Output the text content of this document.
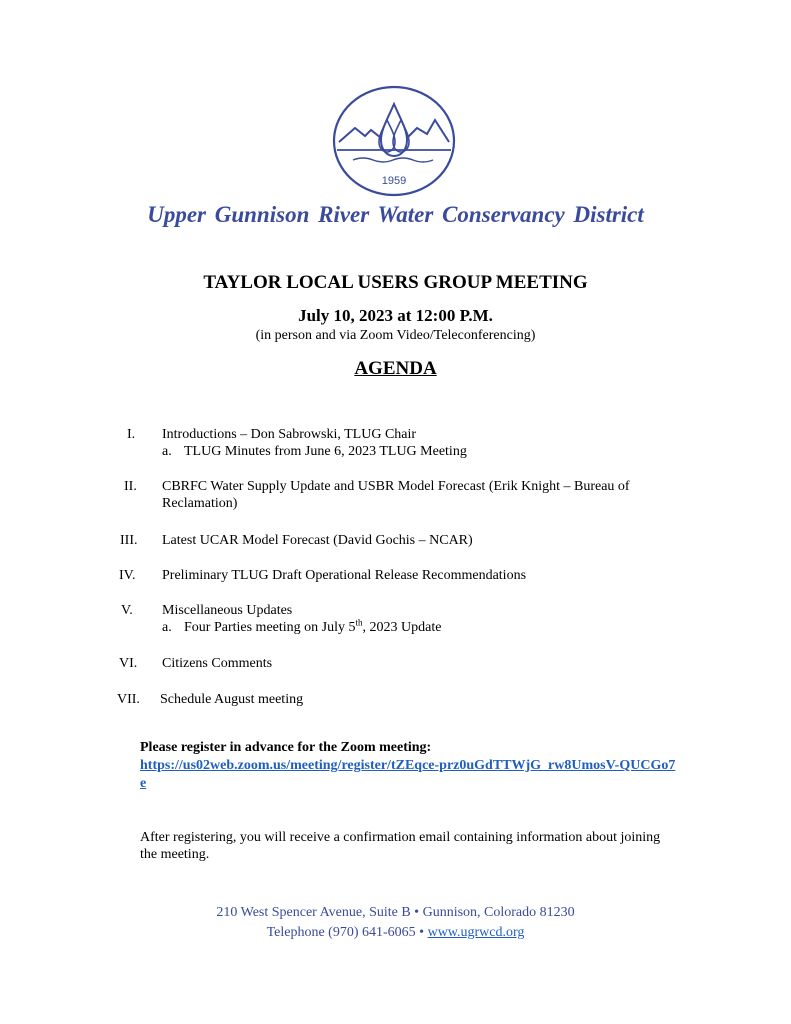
1959
Upper Gunnison River Water Conservancy District
TAYLOR LOCAL USERS GROUP MEETING
July 10, 2023 at 12:00 P.M.
(in person and via Zoom Video/Teleconferencing)
AGENDA
I. Introductions – Don Sabrowski, TLUG Chair
a. TLUG Minutes from June 6, 2023 TLUG Meeting
II. CBRFC Water Supply Update and USBR Model Forecast (Erik Knight – Bureau of Reclamation)
III. Latest UCAR Model Forecast (David Gochis – NCAR)
IV. Preliminary TLUG Draft Operational Release Recommendations
V. Miscellaneous Updates
a. Four Parties meeting on July 5th, 2023 Update
VI. Citizens Comments
VII. Schedule August meeting
Please register in advance for the Zoom meeting:
https://us02web.zoom.us/meeting/register/tZEqce-prz0uGdTTWjG_rw8UmosV-QUCGo7e
After registering, you will receive a confirmation email containing information about joining the meeting.
210 West Spencer Avenue, Suite B • Gunnison, Colorado 81230
Telephone (970) 641-6065 • www.ugrwcd.org
